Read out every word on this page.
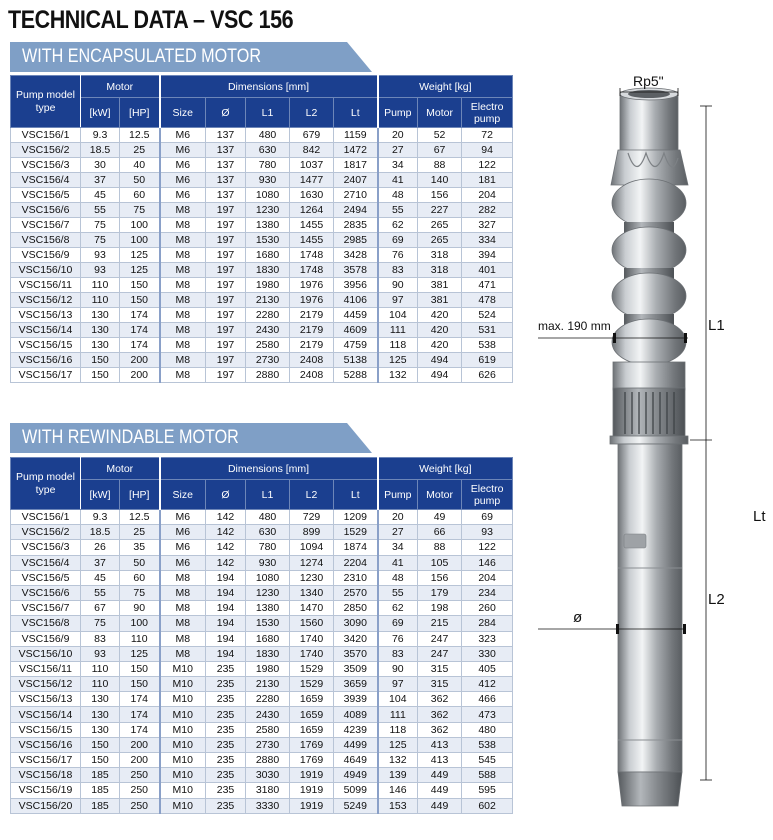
TECHNICAL DATA – VSC 156
WITH ENCAPSULATED MOTOR
Pump model type	Motor		Dimensions [mm]					Weight [kg]		
	[kW]	[HP]	Size	Ø	L1	L2	Lt	Pump	Motor	Electro pump
VSC156/1	9.3	12.5	M6	137	480	679	1159	20	52	72
VSC156/2	18.5	25	M6	137	630	842	1472	27	67	94
VSC156/3	30	40	M6	137	780	1037	1817	34	88	122
VSC156/4	37	50	M6	137	930	1477	2407	41	140	181
VSC156/5	45	60	M6	137	1080	1630	2710	48	156	204
VSC156/6	55	75	M8	197	1230	1264	2494	55	227	282
VSC156/7	75	100	M8	197	1380	1455	2835	62	265	327
VSC156/8	75	100	M8	197	1530	1455	2985	69	265	334
VSC156/9	93	125	M8	197	1680	1748	3428	76	318	394
VSC156/10	93	125	M8	197	1830	1748	3578	83	318	401
VSC156/11	110	150	M8	197	1980	1976	3956	90	381	471
VSC156/12	110	150	M8	197	2130	1976	4106	97	381	478
VSC156/13	130	174	M8	197	2280	2179	4459	104	420	524
VSC156/14	130	174	M8	197	2430	2179	4609	111	420	531
VSC156/15	130	174	M8	197	2580	2179	4759	118	420	538
VSC156/16	150	200	M8	197	2730	2408	5138	125	494	619
VSC156/17	150	200	M8	197	2880	2408	5288	132	494	626
WITH REWINDABLE MOTOR
Pump model type	Motor		Dimensions [mm]					Weight [kg]		
	[kW]	[HP]	Size	Ø	L1	L2	Lt	Pump	Motor	Electro pump
VSC156/1	9.3	12.5	M6	142	480	729	1209	20	49	69
VSC156/2	18.5	25	M6	142	630	899	1529	27	66	93
VSC156/3	26	35	M6	142	780	1094	1874	34	88	122
VSC156/4	37	50	M6	142	930	1274	2204	41	105	146
VSC156/5	45	60	M8	194	1080	1230	2310	48	156	204
VSC156/6	55	75	M8	194	1230	1340	2570	55	179	234
VSC156/7	67	90	M8	194	1380	1470	2850	62	198	260
VSC156/8	75	100	M8	194	1530	1560	3090	69	215	284
VSC156/9	83	110	M8	194	1680	1740	3420	76	247	323
VSC156/10	93	125	M8	194	1830	1740	3570	83	247	330
VSC156/11	110	150	M10	235	1980	1529	3509	90	315	405
VSC156/12	110	150	M10	235	2130	1529	3659	97	315	412
VSC156/13	130	174	M10	235	2280	1659	3939	104	362	466
VSC156/14	130	174	M10	235	2430	1659	4089	111	362	473
VSC156/15	130	174	M10	235	2580	1659	4239	118	362	480
VSC156/16	150	200	M10	235	2730	1769	4499	125	413	538
VSC156/17	150	200	M10	235	2880	1769	4649	132	413	545
VSC156/18	185	250	M10	235	3030	1919	4949	139	449	588
VSC156/19	185	250	M10	235	3180	1919	5099	146	449	595
VSC156/20	185	250	M10	235	3330	1919	5249	153	449	602
Rp5"
max. 190 mm	L1
L2
Lt
ø
